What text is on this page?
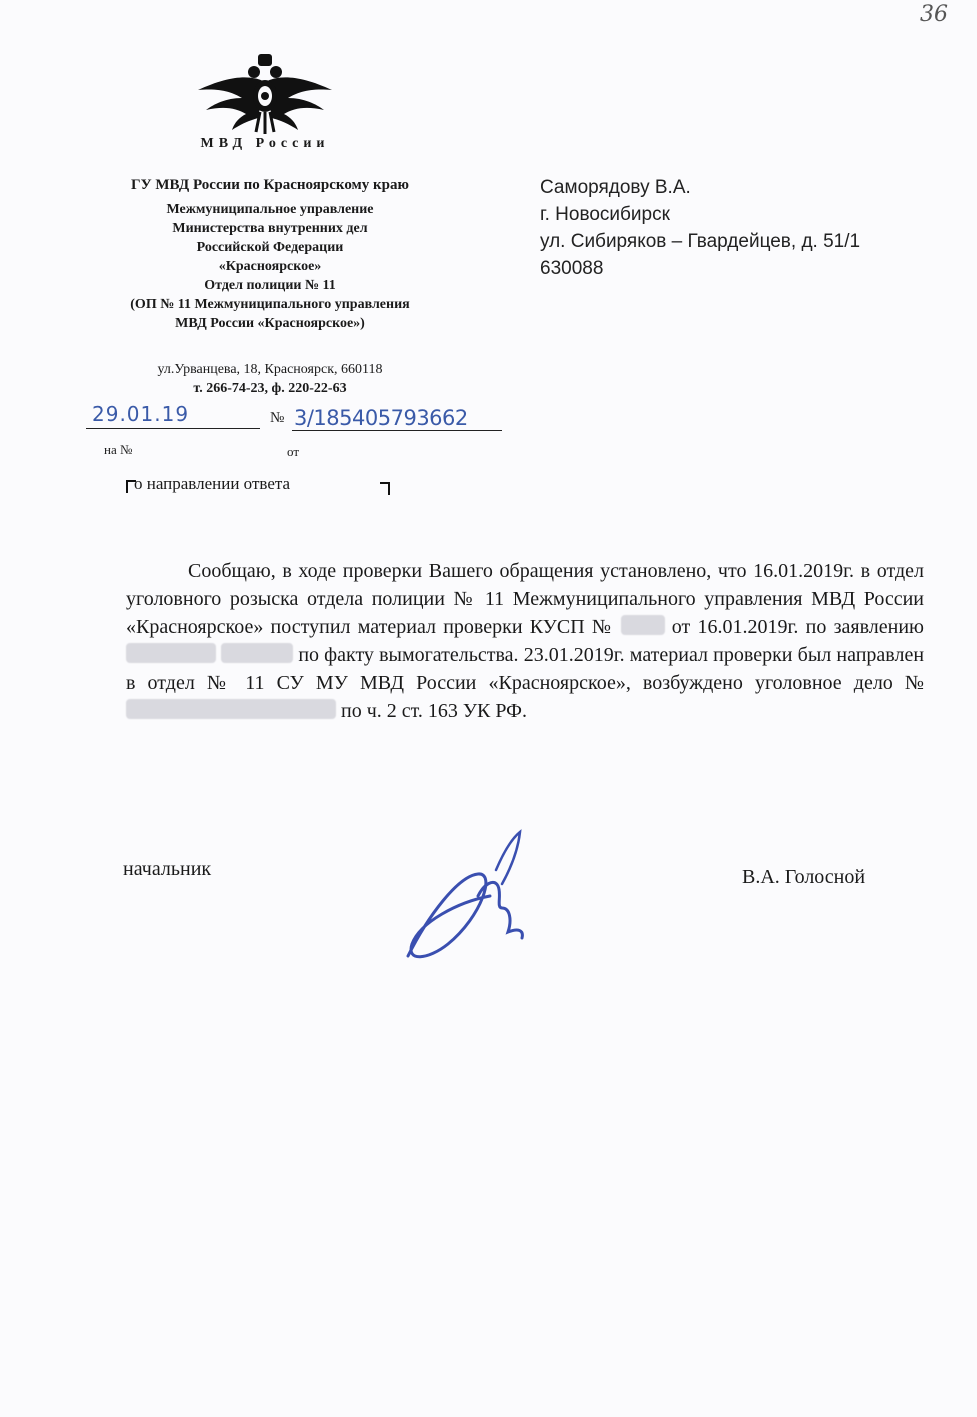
36
МВД России
ГУ МВД России по Красноярскому краю
Межмуниципальное управление
Министерства внутренних дел
Российской Федерации
«Красноярское»
Отдел полиции № 11
(ОП № 11 Межмуниципального управления
МВД России «Красноярское»)
ул.Урванцева, 18, Красноярск, 660118
т. 266-74-23, ф. 220-22-63
29.01.19	№ 3/185405793662
на №	от
о направлении ответа
Саморядову В.А.
г. Новосибирск
ул. Сибиряков – Гвардейцев, д. 51/1
630088
Сообщаю, в ходе проверки Вашего обращения установлено, что 16.01.2019г. в отдел уголовного розыска отдела полиции № 11 Межмуниципального управления МВД России «Красноярское» поступил материал проверки КУСП №	от 16.01.2019г. по заявлению   по факту вымогательства. 23.01.2019г. материал проверки был направлен в отдел № 11 СУ МУ МВД России «Красноярское», возбуждено уголовное дело №  по ч. 2 ст. 163 УК РФ.
начальник	В.А. Голосной
